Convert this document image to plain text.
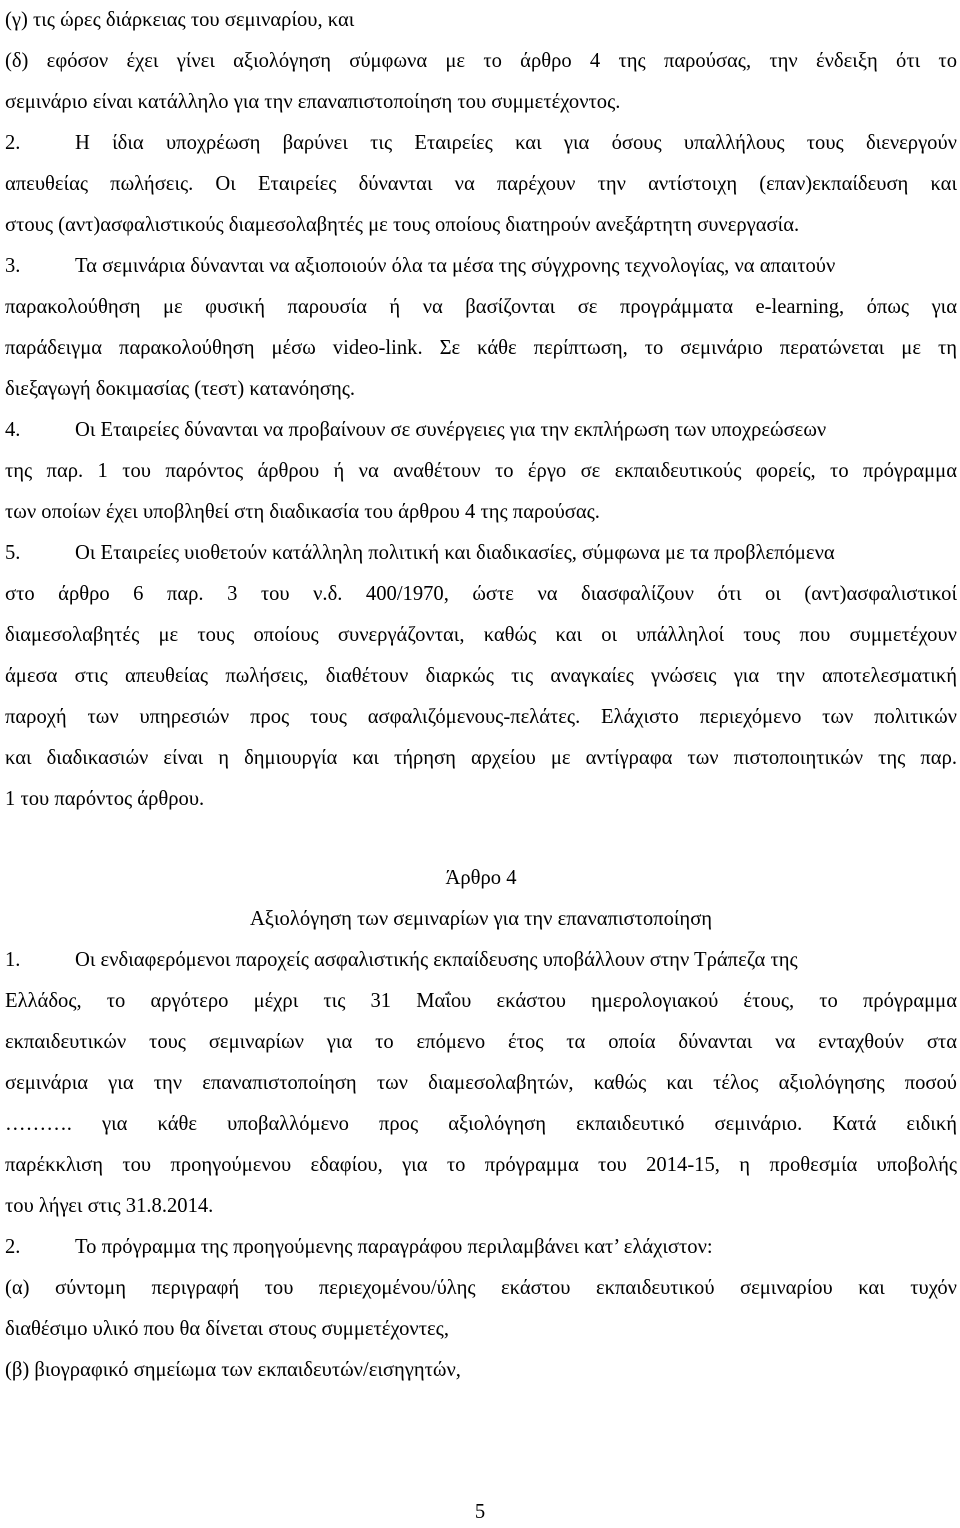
(γ) τις ώρες διάρκειας του σεμιναρίου, και
(δ) εφόσον έχει γίνει αξιολόγηση σύμφωνα με το άρθρο 4 της παρούσας, την ένδειξη ότι το
σεμινάριο είναι κατάλληλο για την επαναπιστοποίηση του συμμετέχοντος.
2.	Η ίδια υποχρέωση βαρύνει τις Εταιρείες και για όσους υπαλλήλους τους διενεργούν
απευθείας πωλήσεις. Οι Εταιρείες δύνανται να παρέχουν την αντίστοιχη (επαν)εκπαίδευση και
στους (αντ)ασφαλιστικούς διαμεσολαβητές με τους οποίους διατηρούν ανεξάρτητη συνεργασία.
3.	Τα σεμινάρια δύνανται να αξιοποιούν όλα τα μέσα της σύγχρονης τεχνολογίας, να απαιτούν
παρακολούθηση με φυσική παρουσία ή να βασίζονται σε προγράμματα e-learning, όπως για
παράδειγμα παρακολούθηση μέσω video-link. Σε κάθε περίπτωση, το σεμινάριο περατώνεται με τη
διεξαγωγή δοκιμασίας (τεστ) κατανόησης.
4.	Οι Εταιρείες δύνανται να προβαίνουν σε συνέργειες για την εκπλήρωση των υποχρεώσεων
της παρ. 1 του παρόντος άρθρου ή να αναθέτουν το έργο σε εκπαιδευτικούς φορείς, το πρόγραμμα
των οποίων έχει υποβληθεί στη διαδικασία του άρθρου 4 της παρούσας.
5.	Οι Εταιρείες υιοθετούν κατάλληλη πολιτική και διαδικασίες, σύμφωνα με τα προβλεπόμενα
στο άρθρο 6 παρ. 3 του ν.δ. 400/1970, ώστε να διασφαλίζουν ότι οι (αντ)ασφαλιστικοί
διαμεσολαβητές με τους οποίους συνεργάζονται, καθώς και οι υπάλληλοί τους που συμμετέχουν
άμεσα στις απευθείας πωλήσεις, διαθέτουν διαρκώς τις αναγκαίες γνώσεις για την αποτελεσματική
παροχή των υπηρεσιών προς τους ασφαλιζόμενους-πελάτες. Ελάχιστο περιεχόμενο των πολιτικών
και διαδικασιών είναι η δημιουργία και τήρηση αρχείου με αντίγραφα των πιστοποιητικών της παρ.
1 του παρόντος άρθρου.
Άρθρο 4
Αξιολόγηση των σεμιναρίων για την επαναπιστοποίηση
1.	Οι ενδιαφερόμενοι παροχείς ασφαλιστικής εκπαίδευσης υποβάλλουν στην Τράπεζα της
Ελλάδος, το αργότερο μέχρι τις 31 Μαΐου εκάστου ημερολογιακού έτους, το πρόγραμμα
εκπαιδευτικών τους σεμιναρίων για το επόμενο έτος τα οποία δύνανται να ενταχθούν στα
σεμινάρια για την επαναπιστοποίηση των διαμεσολαβητών, καθώς και τέλος αξιολόγησης ποσού
………. για κάθε υποβαλλόμενο προς αξιολόγηση εκπαιδευτικό σεμινάριο. Κατά ειδική
παρέκκλιση του προηγούμενου εδαφίου, για το πρόγραμμα του 2014-15, η προθεσμία υποβολής
του λήγει στις 31.8.2014.
2.	Το πρόγραμμα της προηγούμενης παραγράφου περιλαμβάνει κατ’ ελάχιστον:
(α) σύντομη περιγραφή του περιεχομένου/ύλης εκάστου εκπαιδευτικού σεμιναρίου και τυχόν
διαθέσιμο υλικό που θα δίνεται στους συμμετέχοντες,
(β) βιογραφικό σημείωμα των εκπαιδευτών/εισηγητών,
5
